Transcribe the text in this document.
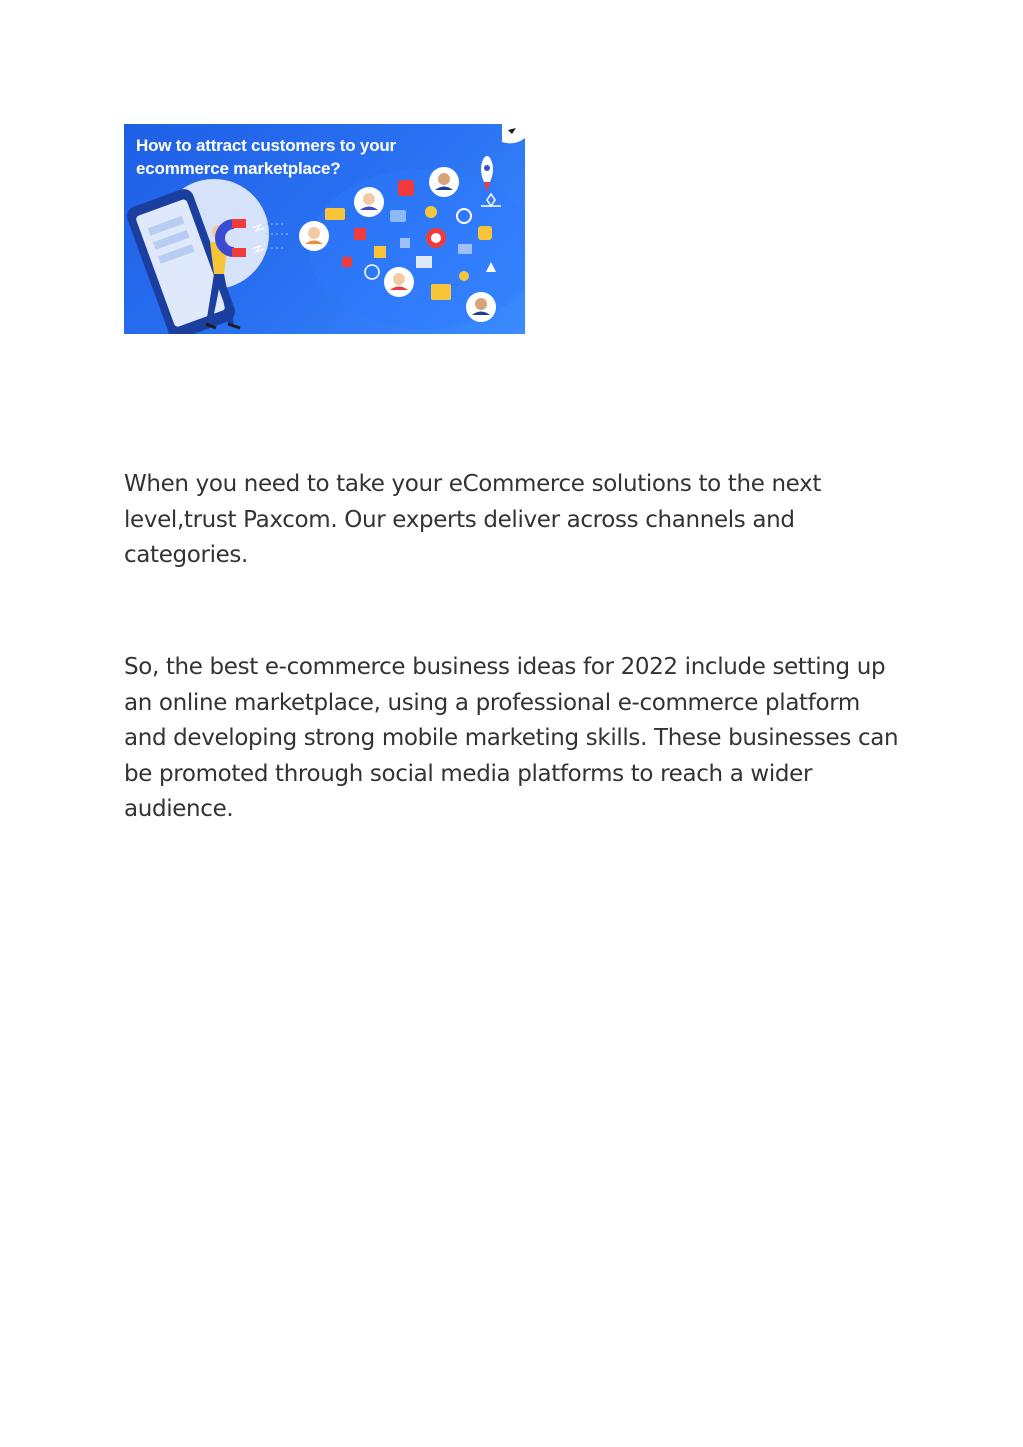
How to attract customers to your ecommerce marketplace?

When you need to take your eCommerce solutions to the next level,trust Paxcom. Our experts deliver across channels and categories.

So, the best e-commerce business ideas for 2022 include setting up an online marketplace, using a professional e-commerce platform and developing strong mobile marketing skills. These businesses can be promoted through social media platforms to reach a wider audience.
